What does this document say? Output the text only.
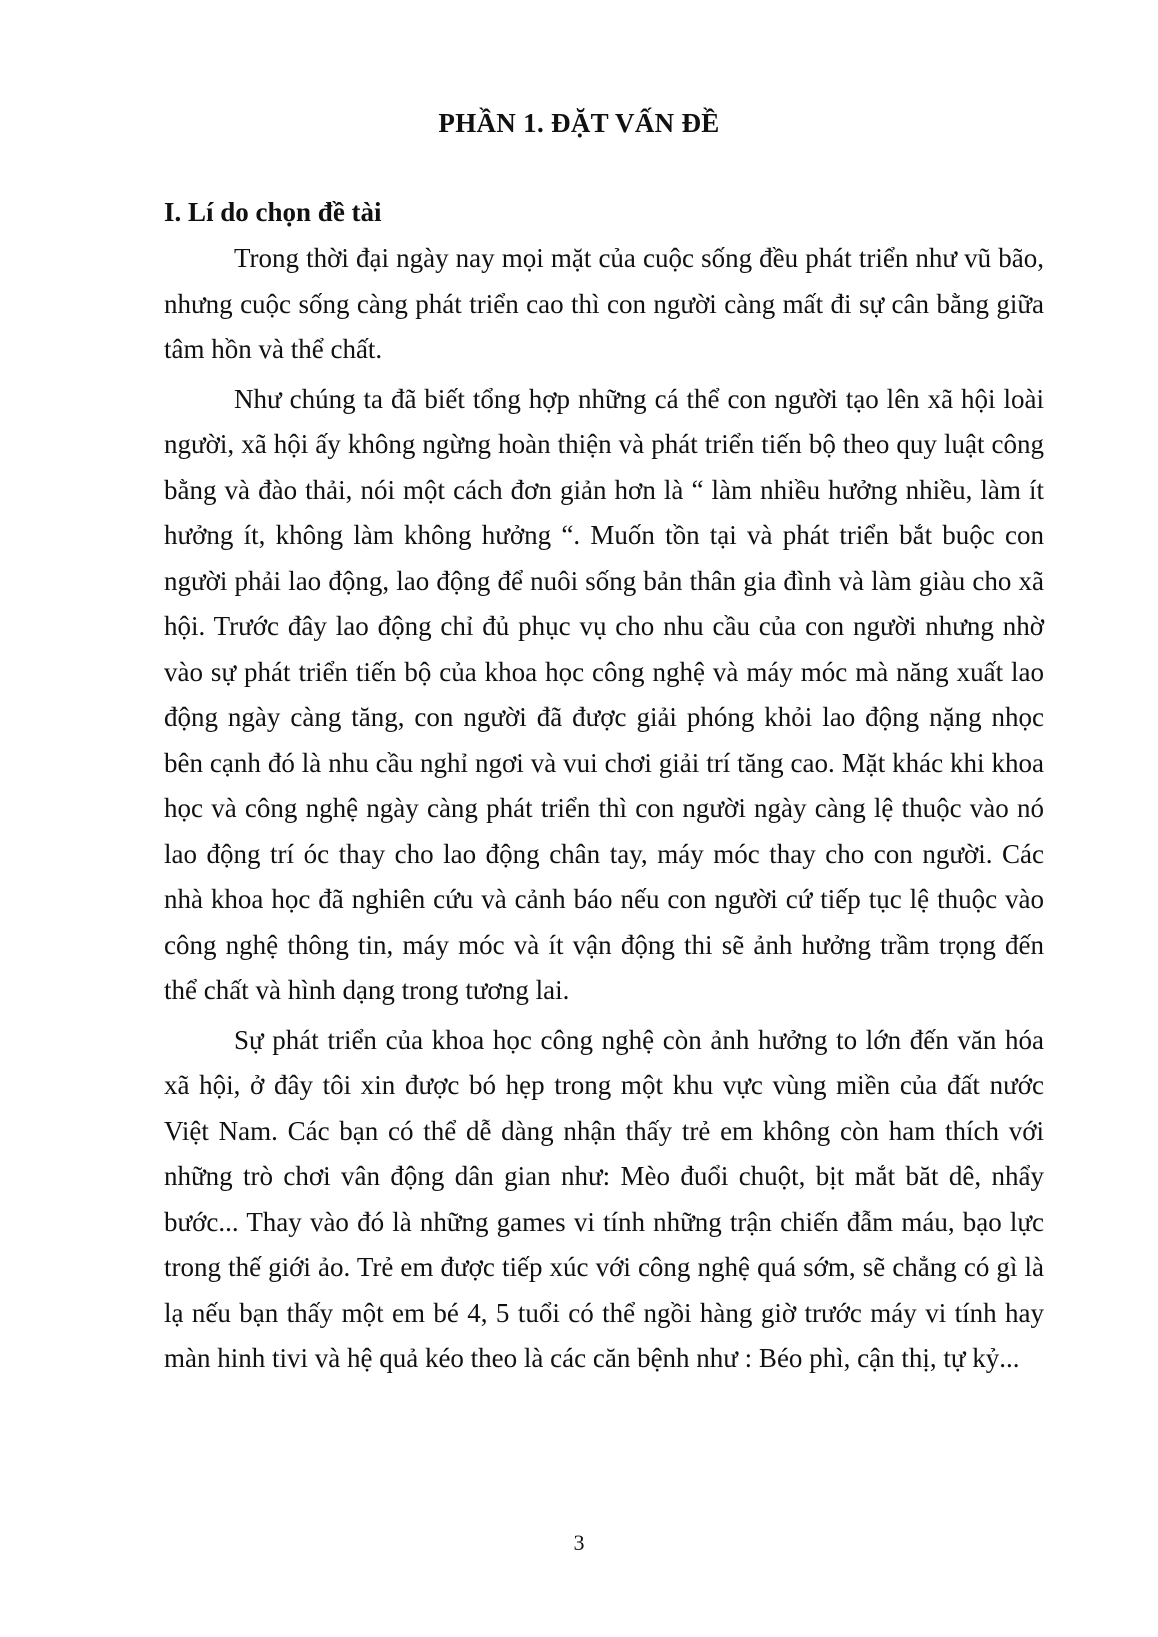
PHẦN 1. ĐẶT VẤN ĐỀ
I. Lí do chọn đề tài

Trong thời đại ngày nay mọi mặt của cuộc sống đều phát triển như vũ bão, nhưng cuộc sống càng phát triển cao thì con người càng mất đi sự cân bằng giữa tâm hồn và thể chất.

Như chúng ta đã biết tổng hợp những cá thể con người tạo lên xã hội loài người, xã hội ấy không ngừng hoàn thiện và phát triển tiến bộ theo quy luật công bằng và đào thải, nói một cách đơn giản hơn là “ làm nhiều hưởng nhiều, làm ít hưởng ít, không làm không hưởng “. Muốn tồn tại và phát triển bắt buộc con người phải lao động, lao động để nuôi sống bản thân gia đình và làm giàu cho xã hội. Trước đây lao động chỉ đủ phục vụ cho nhu cầu của con người nhưng nhờ vào sự phát triển tiến bộ của khoa học công nghệ và máy móc mà năng xuất lao động ngày càng tăng, con người đã được giải phóng khỏi lao động nặng nhọc bên cạnh đó là nhu cầu nghỉ ngơi và vui chơi giải trí tăng cao. Mặt khác khi khoa học và công nghệ ngày càng phát triển thì con người ngày càng lệ thuộc vào nó lao động trí óc thay cho lao động chân tay, máy móc thay cho con người. Các nhà khoa học đã nghiên cứu và cảnh báo nếu con người cứ tiếp tục lệ thuộc vào công nghệ thông tin, máy móc và ít vận động thi sẽ ảnh hưởng trầm trọng đến thể chất và hình dạng trong tương lai.

Sự phát triển của khoa học công nghệ còn ảnh hưởng to lớn đến văn hóa xã hội, ở đây tôi xin được bó hẹp trong một khu vực vùng miền của đất nước Việt Nam. Các bạn có thể dễ dàng nhận thấy trẻ em không còn ham thích với những trò chơi vân động dân gian như: Mèo đuổi chuột, bịt mắt băt dê, nhẩy bước... Thay vào đó là những games vi tính những trận chiến đẫm máu, bạo lực trong thế giới ảo. Trẻ em được tiếp xúc với công nghệ quá sớm, sẽ chẳng có gì là lạ nếu bạn thấy một em bé 4, 5 tuổi có thể ngồi hàng giờ trước máy vi tính hay màn hinh tivi và hệ quả kéo theo là các căn bệnh như : Béo phì, cận thị, tự kỷ...

3
